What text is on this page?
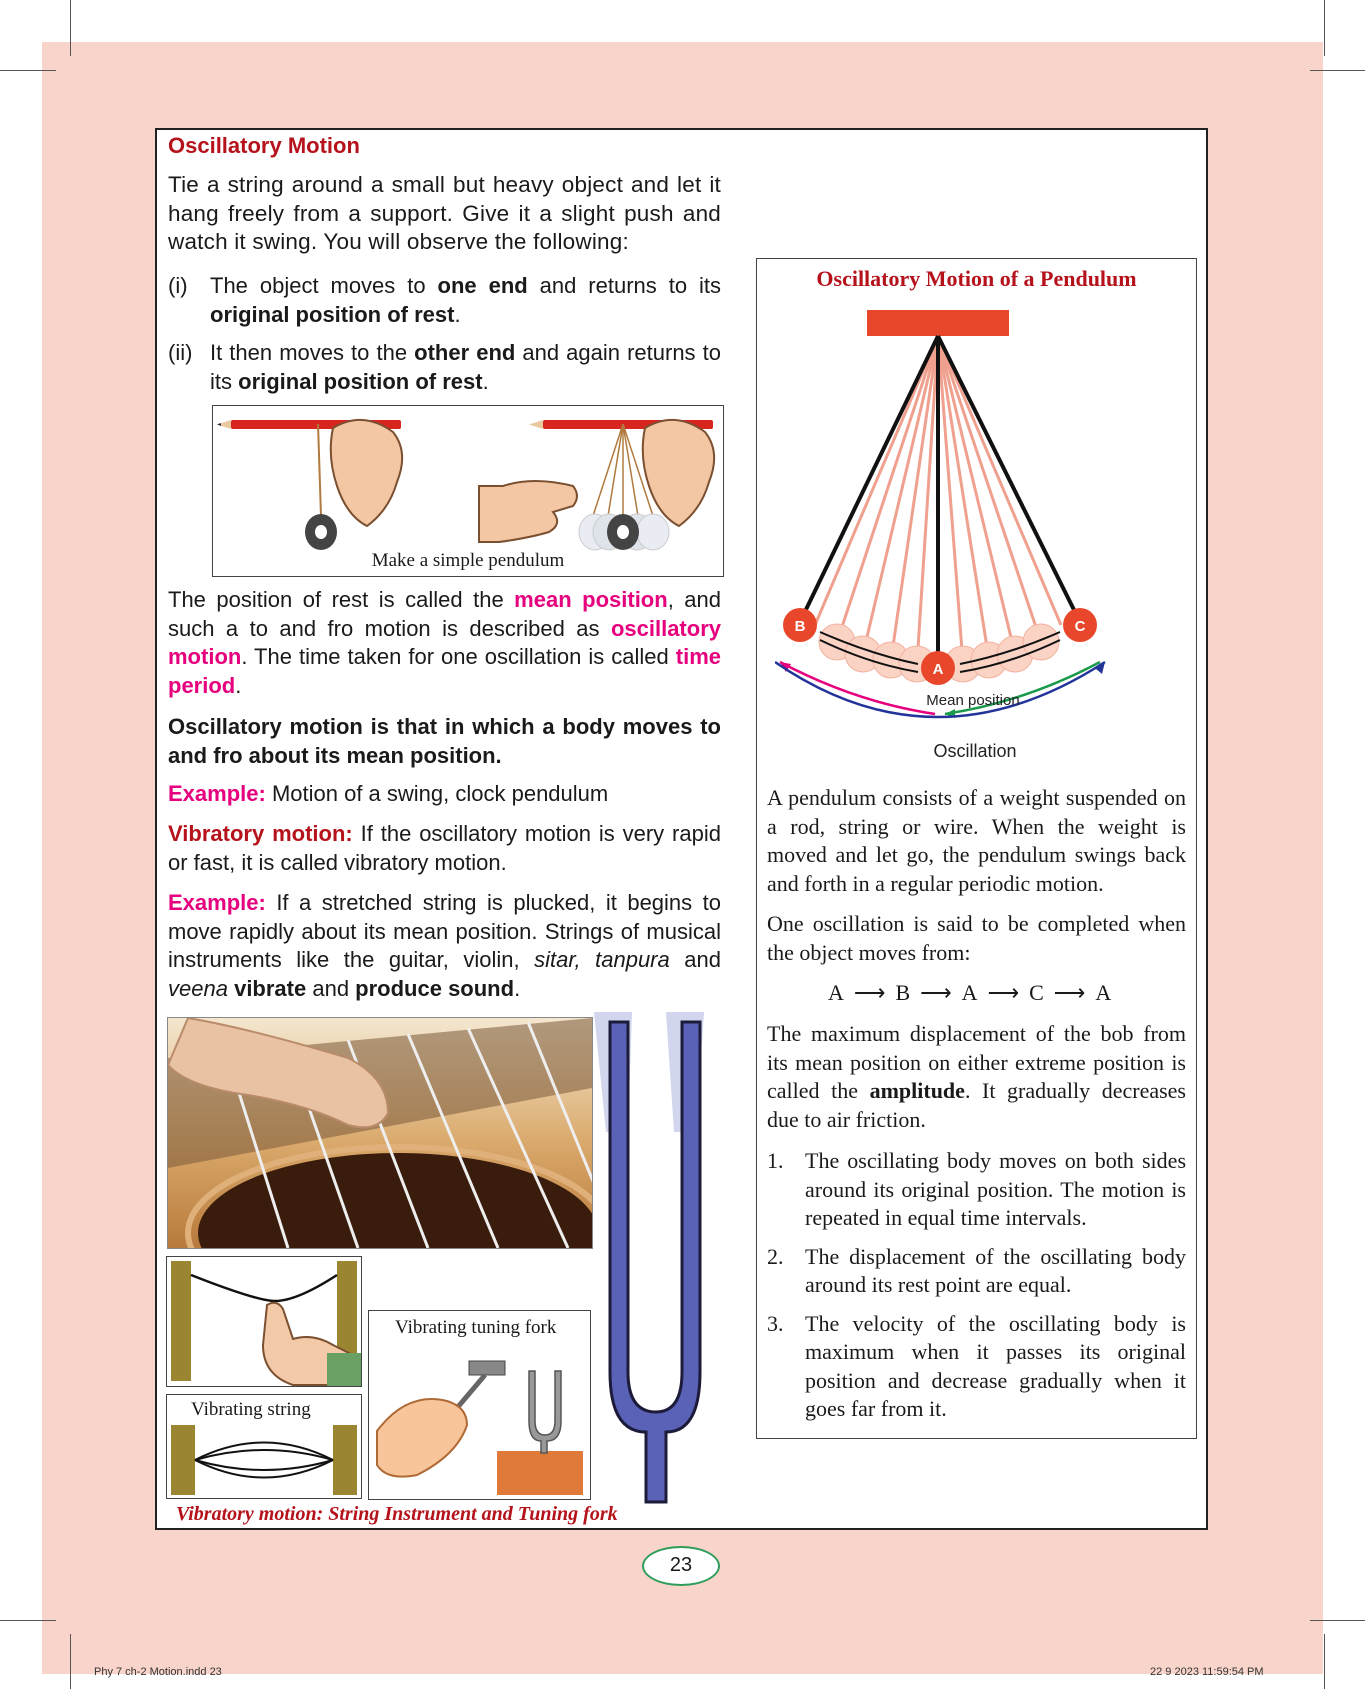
Oscillatory Motion
Tie a string around a small but heavy object and let it hang freely from a support. Give it a slight push and watch it swing. You will observe the following:
(i) The object moves to one end and returns to its original position of rest.
(ii) It then moves to the other end and again returns to its original position of rest.
Make a simple pendulum
The position of rest is called the mean position, and such a to and fro motion is described as oscillatory motion. The time taken for one oscillation is called time period.
Oscillatory motion is that in which a body moves to and fro about its mean position.
Example: Motion of a swing, clock pendulum
Vibratory motion: If the oscillatory motion is very rapid or fast, it is called vibratory motion.
Example: If a stretched string is plucked, it begins to move rapidly about its mean position. Strings of musical instruments like the guitar, violin, sitar, tanpura and veena vibrate and produce sound.
Vibrating string
Vibrating tuning fork
Vibratory motion: String Instrument and Tuning fork
Oscillatory Motion of a Pendulum
B
A
C
Mean position
Oscillation
A pendulum consists of a weight suspended on a rod, string or wire. When the weight is moved and let go, the pendulum swings back and forth in a regular periodic motion.
One oscillation is said to be completed when the object moves from:
A ⟶ B ⟶ A ⟶ C ⟶ A
The maximum displacement of the bob from its mean position on either extreme position is called the amplitude. It gradually decreases due to air friction.
1. The oscillating body moves on both sides around its original position. The motion is repeated in equal time intervals.
2. The displacement of the oscillating body around its rest point are equal.
3. The velocity of the oscillating body is maximum when it passes its original position and decrease gradually when it goes far from it.
23
Phy 7 ch-2 Motion.indd 23	22 9 2023 11:59:54 PM
